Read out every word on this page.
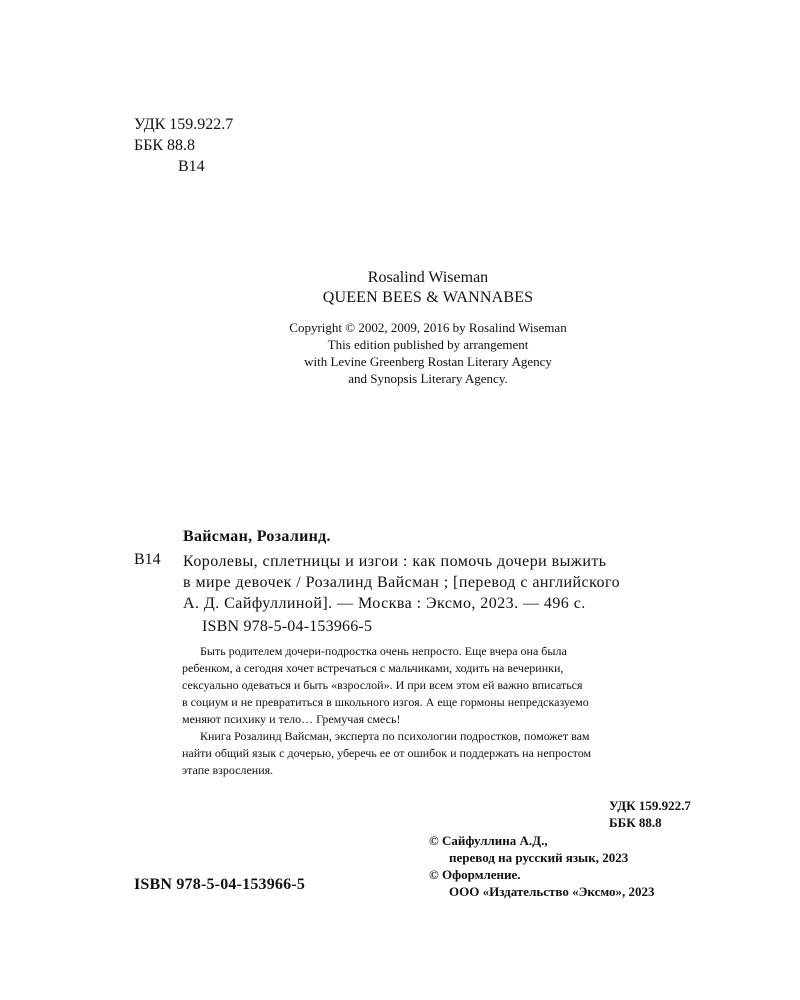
УДК 159.922.7
ББК 88.8
В14
Rosalind Wiseman
QUEEN BEES & WANNABES
Copyright © 2002, 2009, 2016 by Rosalind Wiseman
This edition published by arrangement
with Levine Greenberg Rostan Literary Agency
and Synopsis Literary Agency.
Вайсман, Розалинд.
В14 Королевы, сплетницы и изгои : как помочь дочери выжить
в мире девочек / Розалинд Вайсман ; [перевод с английского
А. Д. Сайфуллиной]. — Москва : Эксмо, 2023. — 496 с.
ISBN 978-5-04-153966-5

Быть родителем дочери-подростка очень непросто. Еще вчера она была

ребенком, а сегодня хочет встречаться с мальчиками, ходить на вечеринки,

сексуально одеваться и быть «взрослой». И при всем этом ей важно вписаться

в социум и не превратиться в школьного изгоя. А еще гормоны непредсказуемо

меняют психику и тело… Гремучая смесь!

Книга Розалинд Вайсман, эксперта по психологии подростков, поможет вам

найти общий язык с дочерью, уберечь ее от ошибок и поддержать на непростом

этапе взросления.

УДК 159.922.7
ББК 88.8
ISBN 978-5-04-153966-5
© Сайфуллина А.Д.,
перевод на русский язык, 2023
© Оформление.
ООО «Издательство «Эксмо», 2023
